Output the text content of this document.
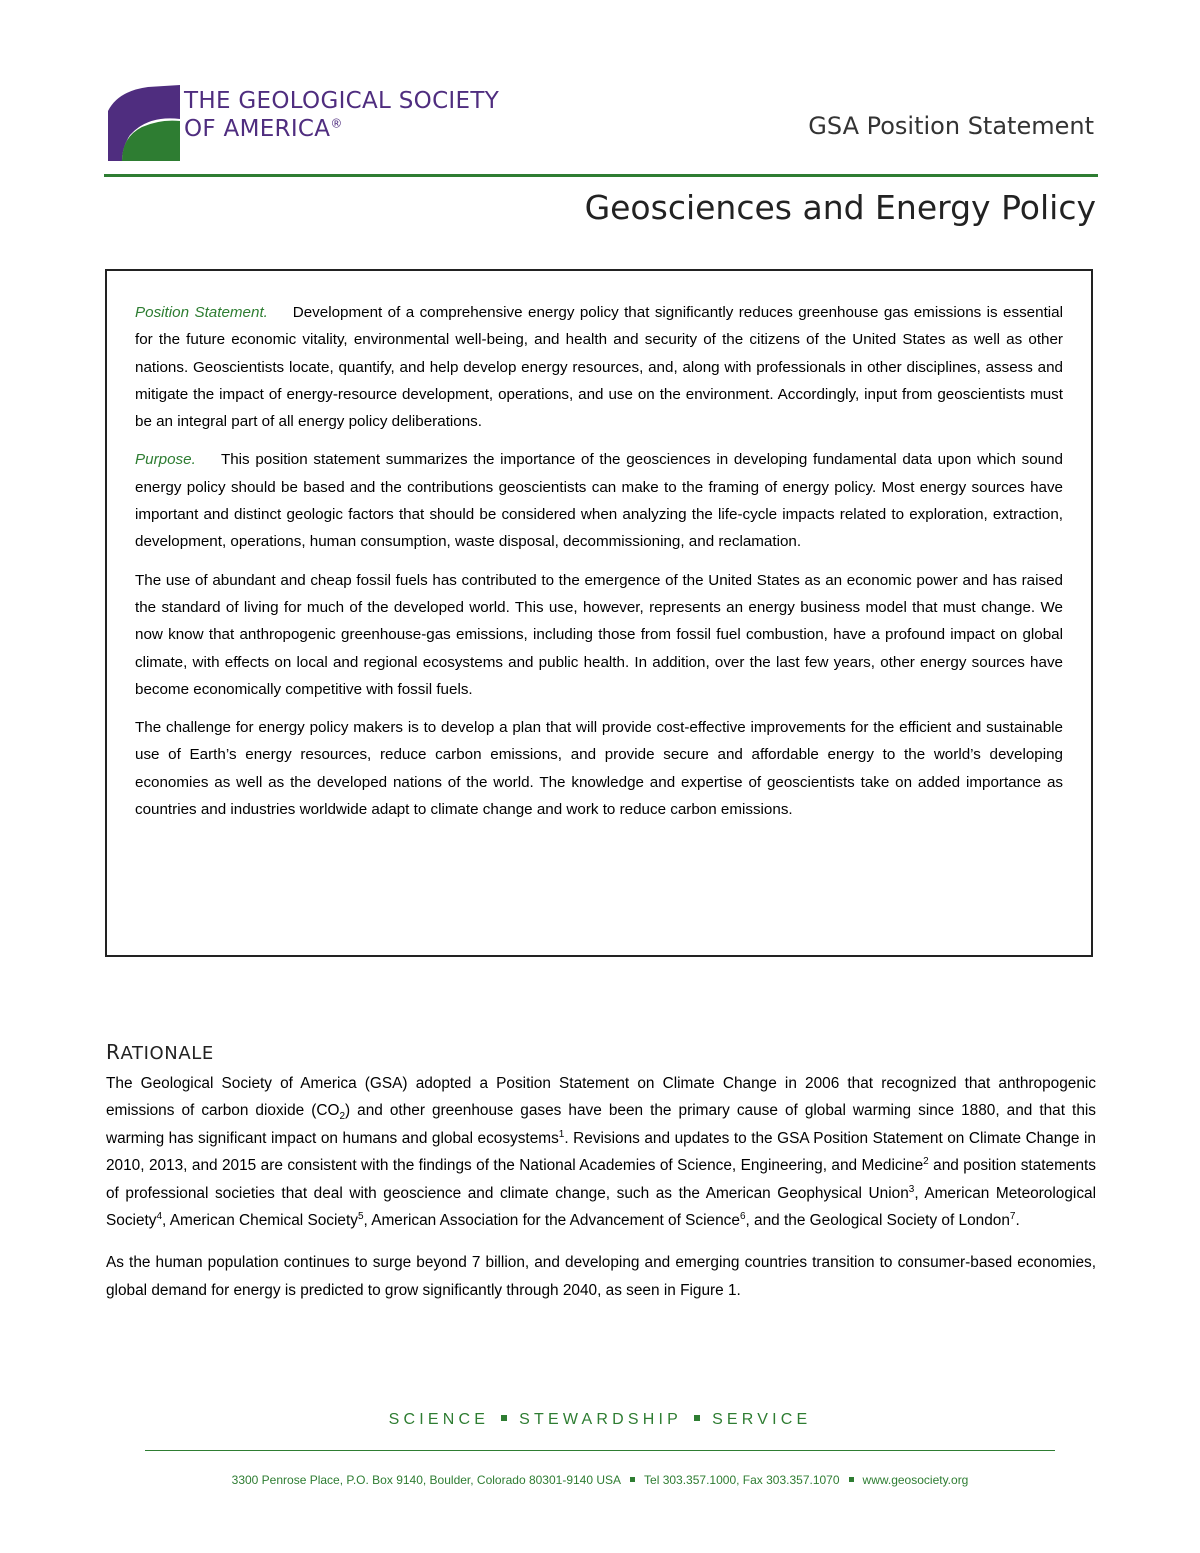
THE GEOLOGICAL SOCIETY
OF AMERICA®	GSA Position Statement
Geosciences and Energy Policy

Position Statement. Development of a comprehensive energy policy that significantly reduces greenhouse gas emissions is essential for the future economic vitality, environmental well-being, and health and security of the citizens of the United States as well as other nations. Geoscientists locate, quantify, and help develop energy resources, and, along with professionals in other disciplines, assess and mitigate the impact of energy-resource development, operations, and use on the environment. Accordingly, input from geoscientists must be an integral part of all energy policy deliberations.

Purpose. This position statement summarizes the importance of the geosciences in developing fundamental data upon which sound energy policy should be based and the contributions geoscientists can make to the framing of energy policy. Most energy sources have important and distinct geologic factors that should be considered when analyzing the life-cycle impacts related to exploration, extraction, development, operations, human consumption, waste disposal, decommissioning, and reclamation.

The use of abundant and cheap fossil fuels has contributed to the emergence of the United States as an economic power and has raised the standard of living for much of the developed world. This use, however, represents an energy business model that must change. We now know that anthropogenic greenhouse-gas emissions, including those from fossil fuel combustion, have a profound impact on global climate, with effects on local and regional ecosystems and public health. In addition, over the last few years, other energy sources have become economically competitive with fossil fuels.

The challenge for energy policy makers is to develop a plan that will provide cost-effective improvements for the efficient and sustainable use of Earth’s energy resources, reduce carbon emissions, and provide secure and affordable energy to the world’s developing economies as well as the developed nations of the world. The knowledge and expertise of geoscientists take on added importance as countries and industries worldwide adapt to climate change and work to reduce carbon emissions.

RATIONALE

The Geological Society of America (GSA) adopted a Position Statement on Climate Change in 2006 that recognized that anthropogenic emissions of carbon dioxide $(CO_2)$ and other greenhouse gases have been the primary cause of global warming since 1880, and that this warming has significant impact on humans and global ecosystems$^1$. Revisions and updates to the GSA Position Statement on Climate Change in 2010, 2013, and 2015 are consistent with the findings of the National Academies of Science, Engineering, and Medicine$^2$ and position statements of professional societies that deal with geoscience and climate change, such as the American Geophysical Union$^3$, American Meteorological Society$^4$, American Chemical Society$^5$, American Association for the Advancement of Science$^6$, and the Geological Society of London$^7$.

As the human population continues to surge beyond 7 billion, and developing and emerging countries transition to consumer-based economies, global demand for energy is predicted to grow significantly through 2040, as seen in Figure 1.

SCIENCE STEWARDSHIP SERVICE
3300 Penrose Place, P.O. Box 9140, Boulder, Colorado 80301-9140 USA Tel 303.357.1000, Fax 303.357.1070 www.geosociety.org
